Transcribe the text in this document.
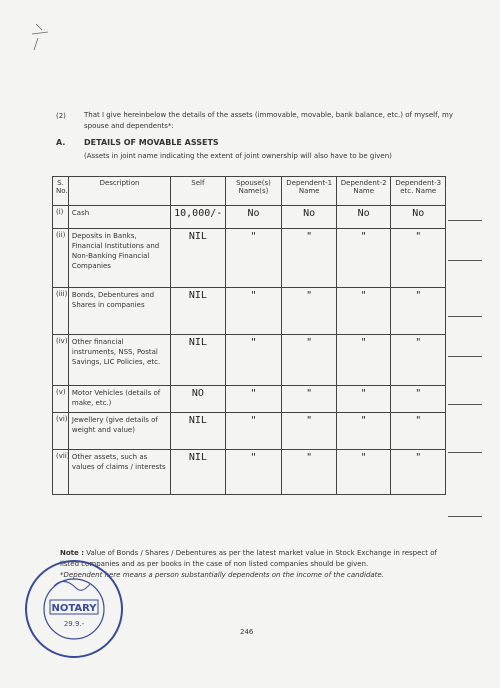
(2)	That I give hereinbelow the details of the assets (immovable, movable, bank balance, etc.) of myself, my spouse and dependents*:
A. DETAILS OF MOVABLE ASSETS
(Assets in joint name indicating the extent of joint ownership will also have to be given)
S. No.	Description	Self	Spouse(s) Name(s)	Dependent-1 Name	Dependent-2 Name	Dependent-3 etc. Name
(i)	Cash	10,000/-	No	No	No	No
(ii)	Deposits in Banks, Financial Institutions and Non-Banking Financial Companies	NIL	"	"	"	"
(iii)	Bonds, Debentures and Shares in companies	NIL	"	"	"	"
(iv)	Other financial instruments, NSS, Postal Savings, LIC Policies, etc.	NIL	"	"	"	"
(v)	Motor Vehicles (details of make, etc.)	NO	"	"	"	"
(vi)	Jewellery (give details of weight and value)	NIL	"	"	"	"
(vii)	Other assets, such as values of claims / interests	NIL	"	"	"	"
Note : Value of Bonds / Shares / Debentures as per the latest market value in Stock Exchange in respect of listed companies and as per books in the case of non listed companies should be given.
*Dependent here means a person substantially dependents on the income of the candidate.
NOTARY
29.9.-
246
